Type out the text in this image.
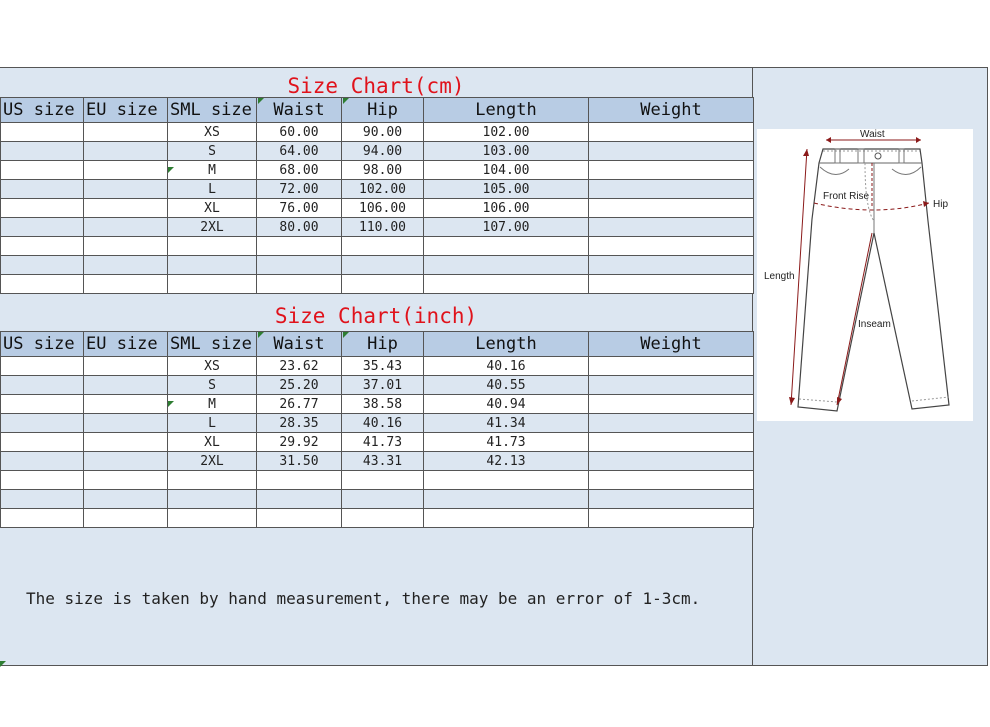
Size Chart(cm)
US size	EU size	SML size	Waist	Hip	Length	Weight
		XS	60.00	90.00	102.00	
		S	64.00	94.00	103.00	
		M	68.00	98.00	104.00	
		L	72.00	102.00	105.00	
		XL	76.00	106.00	106.00	
		2XL	80.00	110.00	107.00	

Size Chart(inch)
US size	EU size	SML size	Waist	Hip	Length	Weight
		XS	23.62	35.43	40.16	
		S	25.20	37.01	40.55	
		M	26.77	38.58	40.94	
		L	28.35	40.16	41.34	
		XL	29.92	41.73	41.73	
		2XL	31.50	43.31	42.13	

The size is taken by hand measurement, there may be an error of 1-3cm.
Waist
Front Rise
Hip
Length
Inseam
